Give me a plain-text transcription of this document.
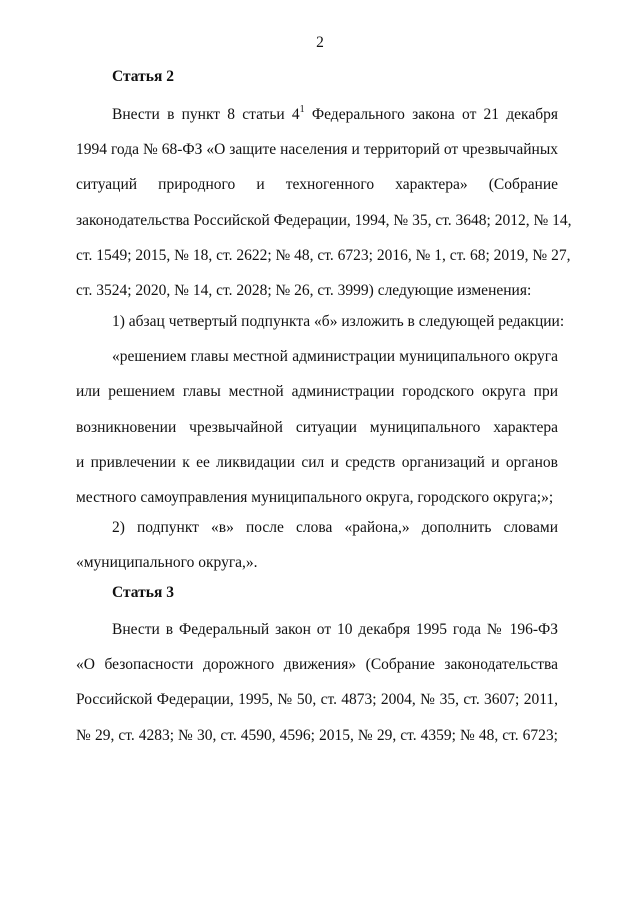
2
Статья 2
Внести в пункт 8 статьи $4^1$ Федерального закона от 21 декабря
1994 года № 68-ФЗ «О защите населения и территорий от чрезвычайных
ситуаций природного и техногенного характера» (Собрание
законодательства Российской Федерации, 1994, № 35, ст. 3648; 2012, № 14,
ст. 1549; 2015, № 18, ст. 2622; № 48, ст. 6723; 2016, № 1, ст. 68; 2019, № 27,
ст. 3524; 2020, № 14, ст. 2028; № 26, ст. 3999) следующие изменения:
1) абзац четвертый подпункта «б» изложить в следующей редакции:
«решением главы местной администрации муниципального округа
или решением главы местной администрации городского округа при
возникновении чрезвычайной ситуации муниципального характера
и привлечении к ее ликвидации сил и средств организаций и органов
местного самоуправления муниципального округа, городского округа;»;
2) подпункт «в» после слова «района,» дополнить словами
«муниципального округа,».
Статья 3
Внести в Федеральный закон от 10 декабря 1995 года № 196-ФЗ
«О безопасности дорожного движения» (Собрание законодательства
Российской Федерации, 1995, № 50, ст. 4873; 2004, № 35, ст. 3607; 2011,
№ 29, ст. 4283; № 30, ст. 4590, 4596; 2015, № 29, ст. 4359; № 48, ст. 6723;
